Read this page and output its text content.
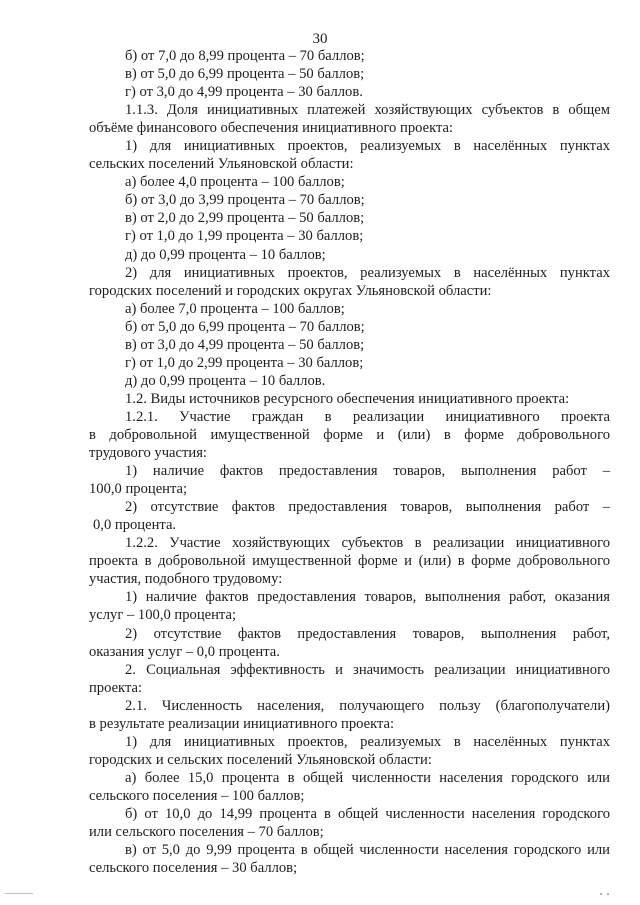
30
б) от 7,0 до 8,99 процента – 70 баллов;
в) от 5,0 до 6,99 процента – 50 баллов;
г) от 3,0 до 4,99 процента – 30 баллов.
1.1.3. Доля инициативных платежей хозяйствующих субъектов в общем
объёме финансового обеспечения инициативного проекта:
1) для инициативных проектов, реализуемых в населённых пунктах
сельских поселений Ульяновской области:
а) более 4,0 процента – 100 баллов;
б) от 3,0 до 3,99 процента – 70 баллов;
в) от 2,0 до 2,99 процента – 50 баллов;
г) от 1,0 до 1,99 процента – 30 баллов;
д) до 0,99 процента – 10 баллов;
2) для инициативных проектов, реализуемых в населённых пунктах
городских поселений и городских округах Ульяновской области:
а) более 7,0 процента – 100 баллов;
б) от 5,0 до 6,99 процента – 70 баллов;
в) от 3,0 до 4,99 процента – 50 баллов;
г) от 1,0 до 2,99 процента – 30 баллов;
д) до 0,99 процента – 10 баллов.
1.2. Виды источников ресурсного обеспечения инициативного проекта:
1.2.1. Участие граждан в реализации инициативного проекта
в добровольной имущественной форме и (или) в форме добровольного
трудового участия:
1) наличие фактов предоставления товаров, выполнения работ –
100,0 процента;
2) отсутствие фактов предоставления товаров, выполнения работ –
0,0 процента.
1.2.2. Участие хозяйствующих субъектов в реализации инициативного
проекта в добровольной имущественной форме и (или) в форме добровольного
участия, подобного трудовому:
1) наличие фактов предоставления товаров, выполнения работ, оказания
услуг – 100,0 процента;
2) отсутствие фактов предоставления товаров, выполнения работ,
оказания услуг – 0,0 процента.
2. Социальная эффективность и значимость реализации инициативного
проекта:
2.1. Численность населения, получающего пользу (благополучатели)
в результате реализации инициативного проекта:
1) для инициативных проектов, реализуемых в населённых пунктах
городских и сельских поселений Ульяновской области:
а) более 15,0 процента в общей численности населения городского или
сельского поселения – 100 баллов;
б) от 10,0 до 14,99 процента в общей численности населения городского
или сельского поселения – 70 баллов;
в) от 5,0 до 9,99 процента в общей численности населения городского или
сельского поселения – 30 баллов;
